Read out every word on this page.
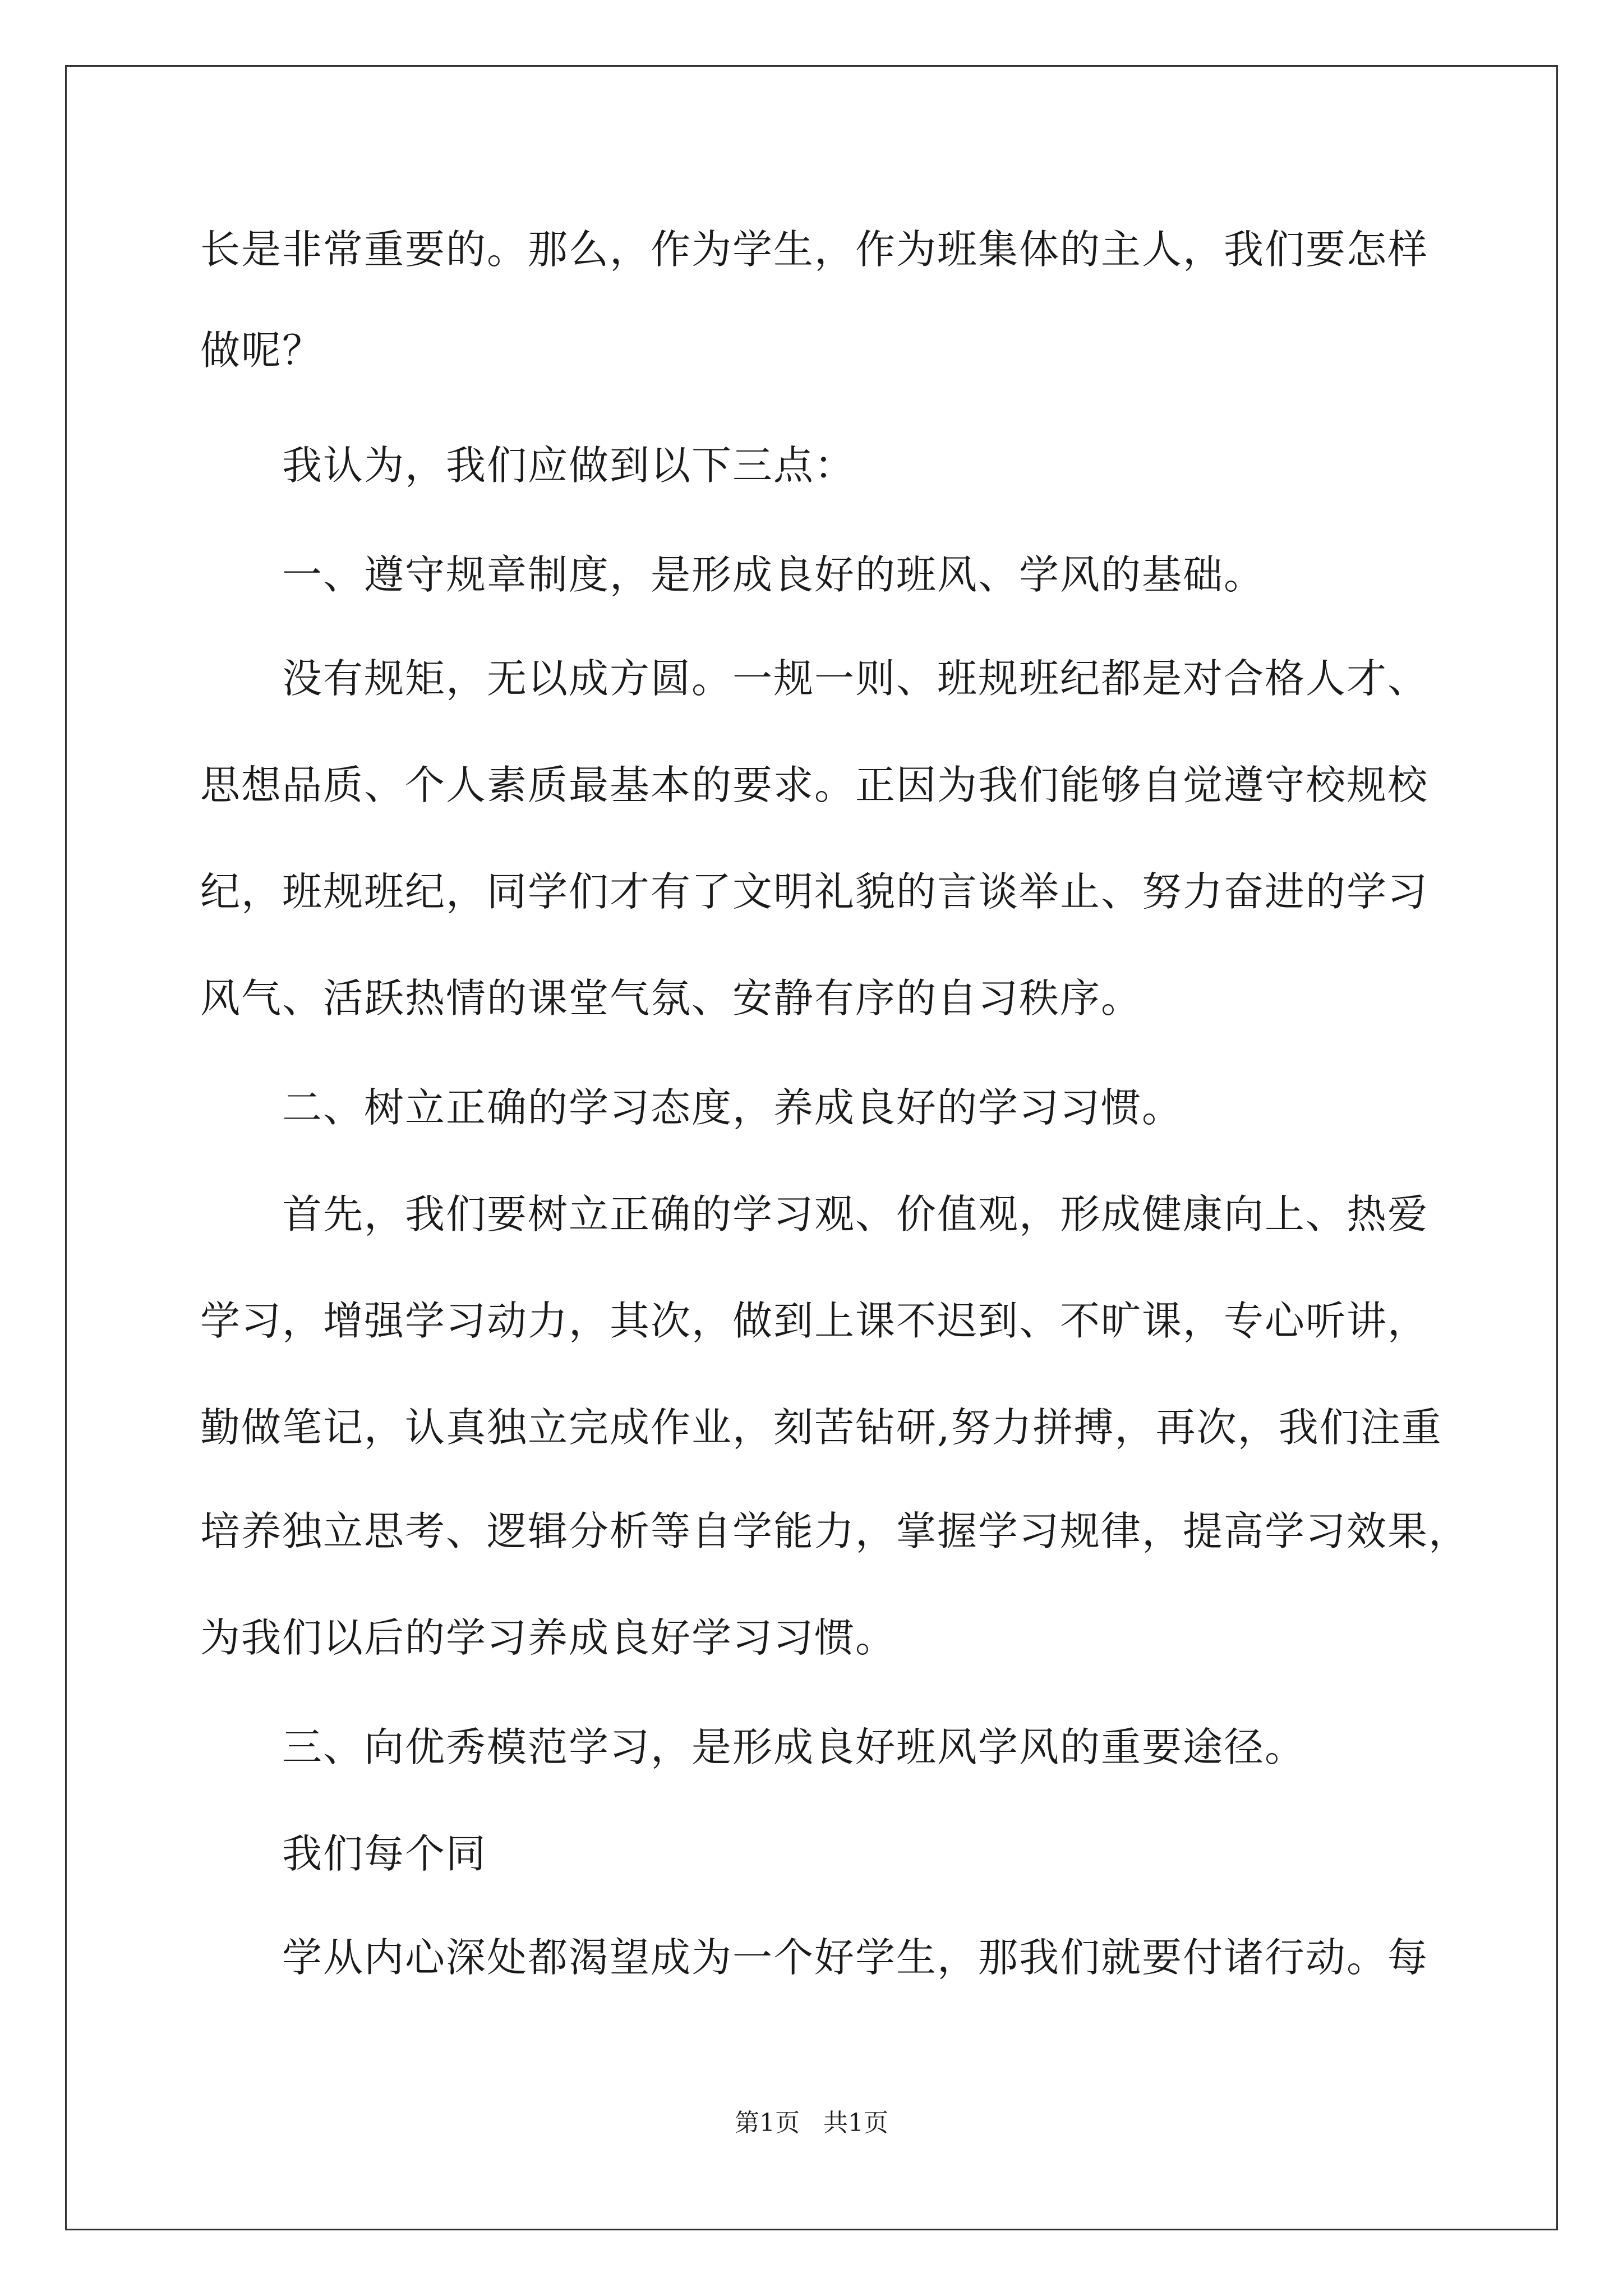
长是非常重要的。那么，作为学生，作为班集体的主人，我们要怎样
做呢？
我认为，我们应做到以下三点：
一、遵守规章制度，是形成良好的班风、学风的基础。
没有规矩，无以成方圆。一规一则、班规班纪都是对合格人才、
思想品质、个人素质最基本的要求。正因为我们能够自觉遵守校规校
纪，班规班纪，同学们才有了文明礼貌的言谈举止、努力奋进的学习
风气、活跃热情的课堂气氛、安静有序的自习秩序。
二、树立正确的学习态度，养成良好的学习习惯。
首先，我们要树立正确的学习观、价值观，形成健康向上、热爱
学习，增强学习动力，其次，做到上课不迟到、不旷课，专心听讲，
勤做笔记，认真独立完成作业，刻苦钻研,努力拼搏，再次，我们注重
培养独立思考、逻辑分析等自学能力，掌握学习规律，提高学习效果，
为我们以后的学习养成良好学习习惯。
三、向优秀模范学习，是形成良好班风学风的重要途径。
我们每个同
学从内心深处都渴望成为一个好学生，那我们就要付诸行动。每
第1页   共1页
